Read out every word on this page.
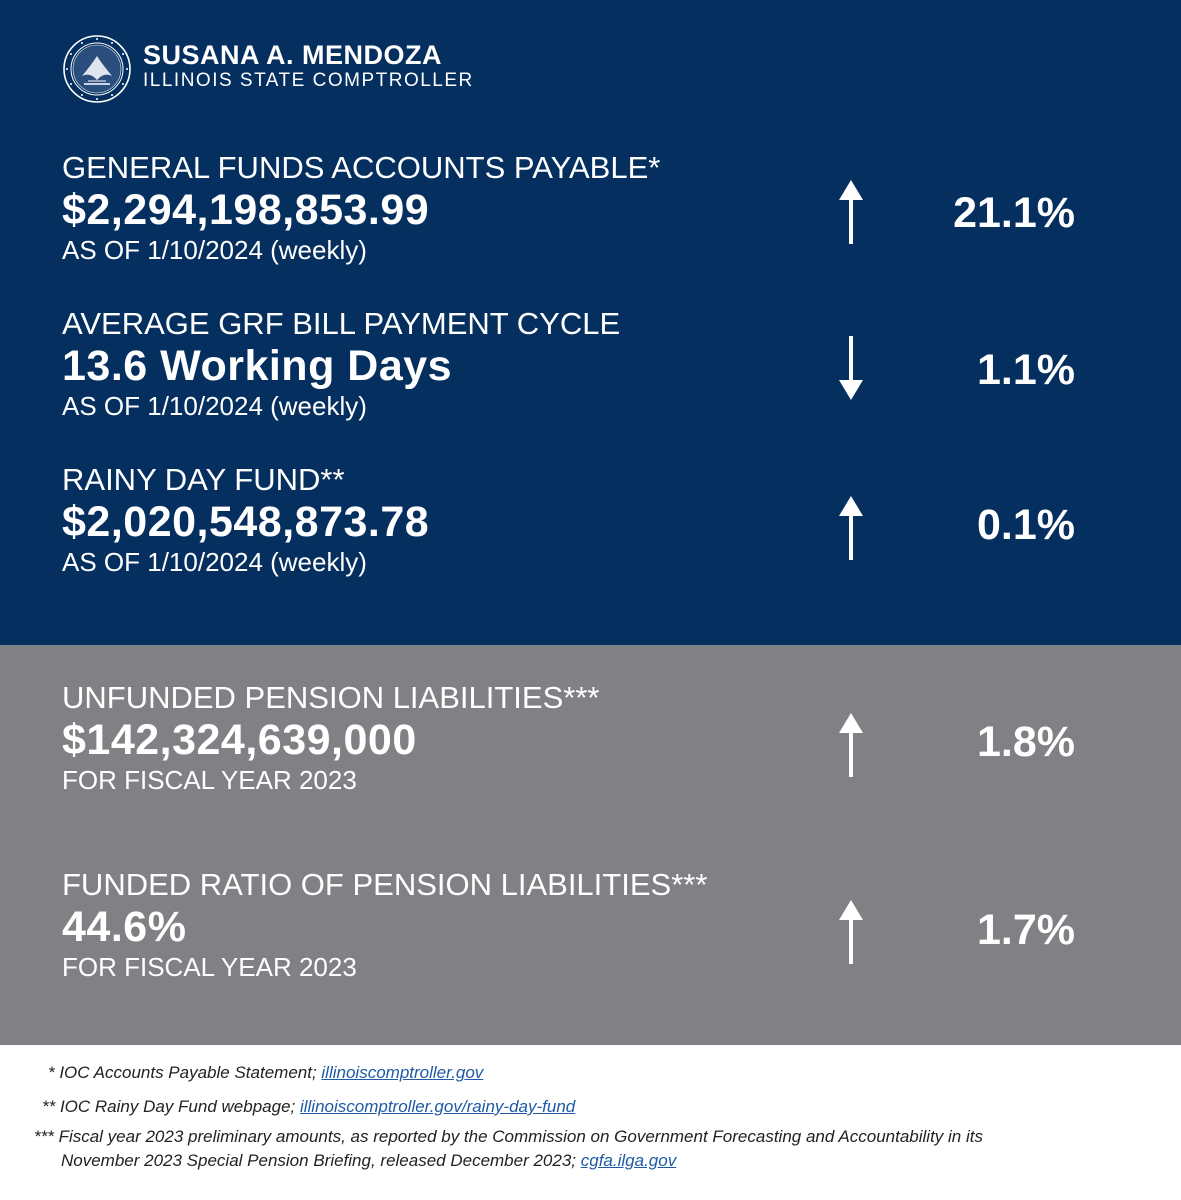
SUSANA A. MENDOZA
ILLINOIS STATE COMPTROLLER
GENERAL FUNDS ACCOUNTS PAYABLE*
$2,294,198,853.99
AS OF 1/10/2024 (weekly)
21.1%
AVERAGE GRF BILL PAYMENT CYCLE
13.6 Working Days
AS OF 1/10/2024 (weekly)
1.1%
RAINY DAY FUND**
$2,020,548,873.78
AS OF 1/10/2024 (weekly)
0.1%
UNFUNDED PENSION LIABILITIES***
$142,324,639,000
FOR FISCAL YEAR 2023
1.8%
FUNDED RATIO OF PENSION LIABILITIES***
44.6%
FOR FISCAL YEAR 2023
1.7%
* IOC Accounts Payable Statement; illinoiscomptroller.gov
** IOC Rainy Day Fund webpage; illinoiscomptroller.gov/rainy-day-fund
*** Fiscal year 2023 preliminary amounts, as reported by the Commission on Government Forecasting and Accountability in its
November 2023 Special Pension Briefing, released December 2023; cgfa.ilga.gov
